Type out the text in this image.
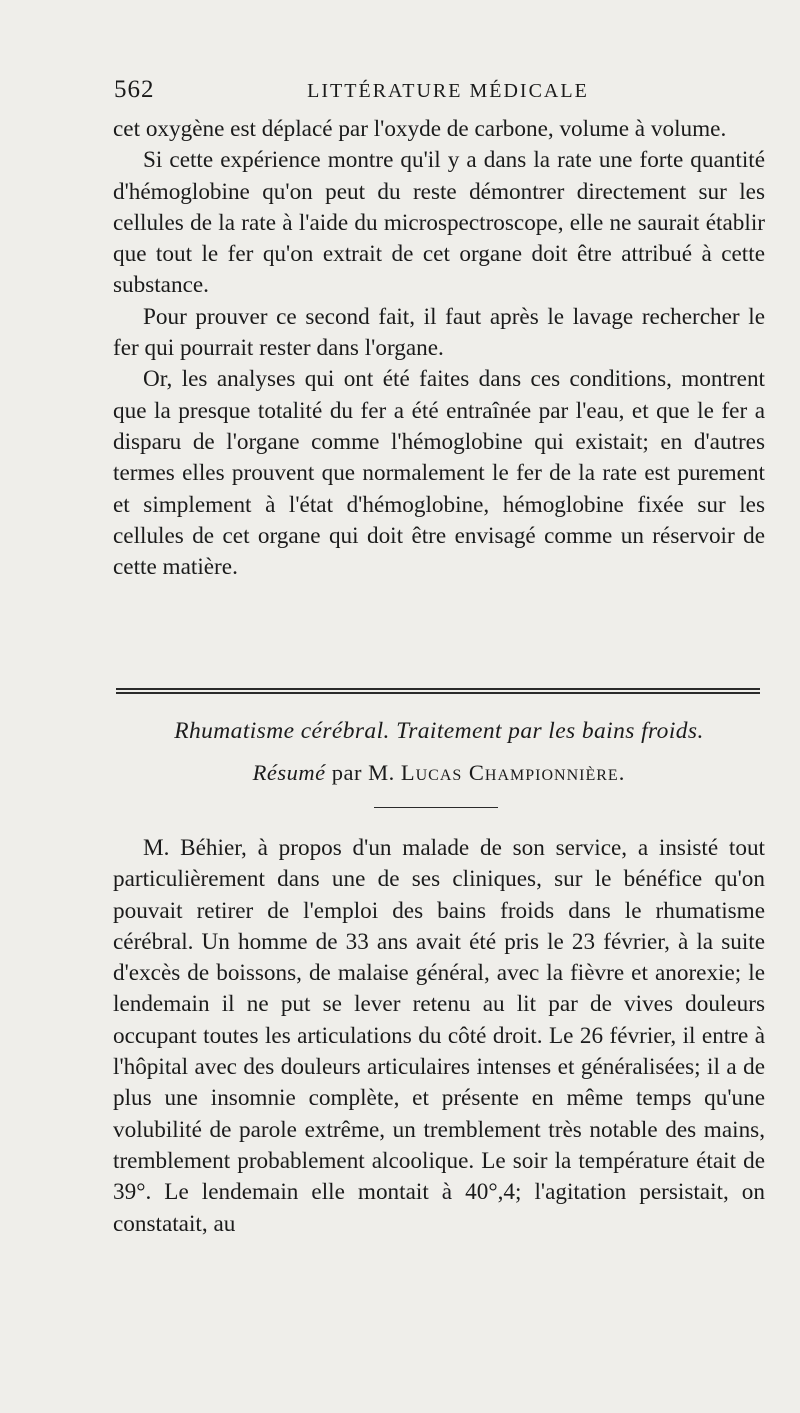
562	LITTÉRATURE MÉDICALE

cet oxygène est déplacé par l'oxyde de carbone, volume à volume.

Si cette expérience montre qu'il y a dans la rate une forte quantité d'hémoglobine qu'on peut du reste démontrer directement sur les cellules de la rate à l'aide du microspectroscope, elle ne saurait établir que tout le fer qu'on extrait de cet organe doit être attribué à cette substance.

Pour prouver ce second fait, il faut après le lavage rechercher le fer qui pourrait rester dans l'organe.

Or, les analyses qui ont été faites dans ces conditions, montrent que la presque totalité du fer a été entraînée par l'eau, et que le fer a disparu de l'organe comme l'hémoglobine qui existait; en d'autres termes elles prouvent que normalement le fer de la rate est purement et simplement à l'état d'hémoglobine, hémoglobine fixée sur les cellules de cet organe qui doit être envisagé comme un réservoir de cette matière.

Rhumatisme cérébral. Traitement par les bains froids.
Résumé par M. Lucas Championnière.

M. Béhier, à propos d'un malade de son service, a insisté tout particulièrement dans une de ses cliniques, sur le bénéfice qu'on pouvait retirer de l'emploi des bains froids dans le rhumatisme cérébral. Un homme de 33 ans avait été pris le 23 février, à la suite d'excès de boissons, de malaise général, avec la fièvre et anorexie; le lendemain il ne put se lever retenu au lit par de vives douleurs occupant toutes les articulations du côté droit. Le 26 février, il entre à l'hôpital avec des douleurs articulaires intenses et généralisées; il a de plus une insomnie complète, et présente en même temps qu'une volubilité de parole extrême, un tremblement très notable des mains, tremblement probablement alcoolique. Le soir la température était de 39°. Le lendemain elle montait à 40°,4; l'agitation persistait, on constatait, au
